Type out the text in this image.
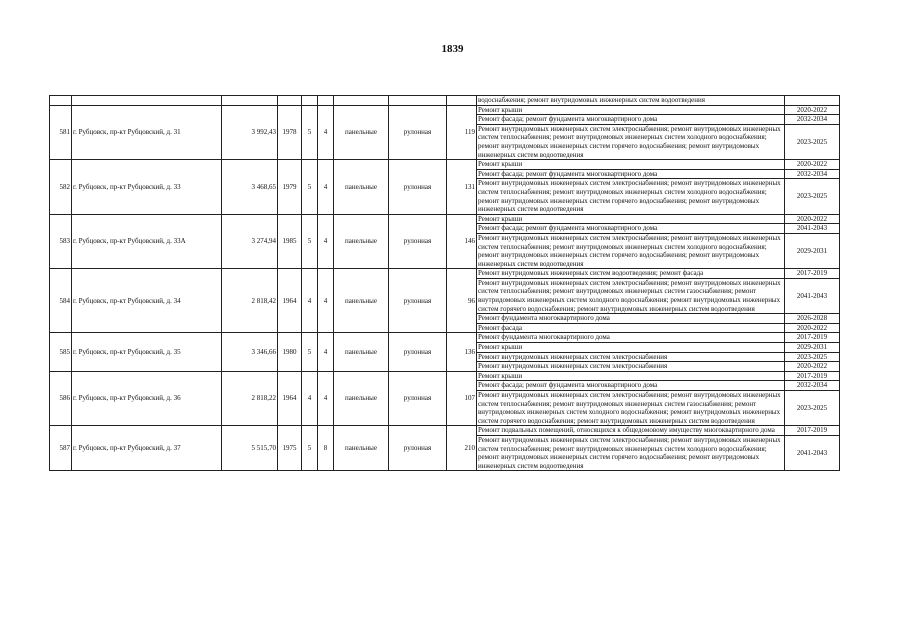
1839
									водоснабжения; ремонт внутридомовых инженерных систем водоотведения	
581	г. Рубцовск, пр-кт Рубцовский, д. 31	3 992,43	1978	5	4	панельные	рулонная	119	Ремонт крыши	2020-2022
									Ремонт фасада; ремонт фундамента многоквартирного дома	2032-2034
									Ремонт внутридомовых инженерных систем электроснабжения; ремонт внутридомовых инженерных систем теплоснабжения; ремонт внутридомовых инженерных систем холодного водоснабжения; ремонт внутридомовых инженерных систем горячего водоснабжения; ремонт внутридомовых инженерных систем водоотведения	2023-2025
582	г. Рубцовск, пр-кт Рубцовский, д. 33	3 468,65	1979	5	4	панельные	рулонная	131	Ремонт крыши	2020-2022
									Ремонт фасада; ремонт фундамента многоквартирного дома	2032-2034
									Ремонт внутридомовых инженерных систем электроснабжения; ремонт внутридомовых инженерных систем теплоснабжения; ремонт внутридомовых инженерных систем холодного водоснабжения; ремонт внутридомовых инженерных систем горячего водоснабжения; ремонт внутридомовых инженерных систем водоотведения	2023-2025
583	г. Рубцовск, пр-кт Рубцовский, д. 33А	3 274,94	1985	5	4	панельные	рулонная	146	Ремонт крыши	2020-2022
									Ремонт фасада; ремонт фундамента многоквартирного дома	2041-2043
									Ремонт внутридомовых инженерных систем электроснабжения; ремонт внутридомовых инженерных систем теплоснабжения; ремонт внутридомовых инженерных систем холодного водоснабжения; ремонт внутридомовых инженерных систем горячего водоснабжения; ремонт внутридомовых инженерных систем водоотведения	2029-2031
584	г. Рубцовск, пр-кт Рубцовский, д. 34	2 818,42	1964	4	4	панельные	рулонная	96	Ремонт внутридомовых инженерных систем водоотведения; ремонт фасада	2017-2019
									Ремонт внутридомовых инженерных систем электроснабжения; ремонт внутридомовых инженерных систем теплоснабжения; ремонт внутридомовых инженерных систем газоснабжения; ремонт внутридомовых инженерных систем холодного водоснабжения; ремонт внутридомовых инженерных систем горячего водоснабжения; ремонт внутридомовых инженерных систем водоотведения	2041-2043
									Ремонт фундамента многоквартирного дома	2026-2028
									Ремонт фасада	2020-2022
585	г. Рубцовск, пр-кт Рубцовский, д. 35	3 346,66	1980	5	4	панельные	рулонная	136	Ремонт фундамента многоквартирного дома	2017-2019
									Ремонт крыши	2029-2031
									Ремонт внутридомовых инженерных систем электроснабжения	2023-2025
									Ремонт внутридомовых инженерных систем электроснабжения	2020-2022
586	г. Рубцовск, пр-кт Рубцовский, д. 36	2 818,22	1964	4	4	панельные	рулонная	107	Ремонт крыши	2017-2019
									Ремонт фасада; ремонт фундамента многоквартирного дома	2032-2034
									Ремонт внутридомовых инженерных систем электроснабжения; ремонт внутридомовых инженерных систем теплоснабжения; ремонт внутридомовых инженерных систем газоснабжения; ремонт внутридомовых инженерных систем холодного водоснабжения; ремонт внутридомовых инженерных систем горячего водоснабжения; ремонт внутридомовых инженерных систем водоотведения	2023-2025
587	г. Рубцовск, пр-кт Рубцовский, д. 37	5 515,70	1975	5	8	панельные	рулонная	210	Ремонт подвальных помещений, относящихся к общедомовому имуществу многоквартирного дома	2017-2019
									Ремонт внутридомовых инженерных систем электроснабжения; ремонт внутридомовых инженерных систем теплоснабжения; ремонт внутридомовых инженерных систем холодного водоснабжения; ремонт внутридомовых инженерных систем горячего водоснабжения; ремонт внутридомовых инженерных систем водоотведения	2041-2043
